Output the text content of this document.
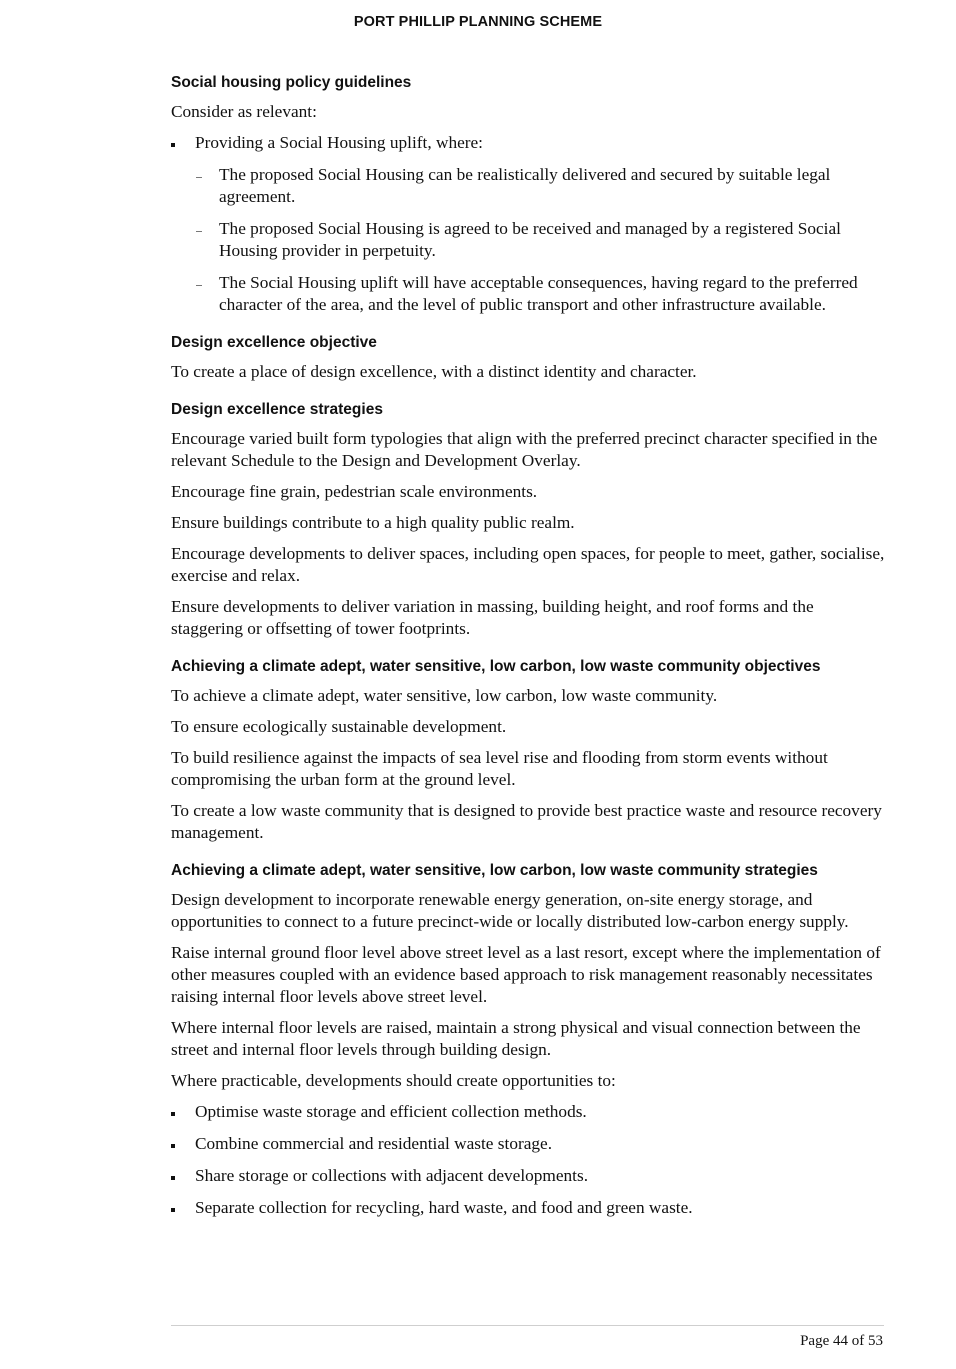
PORT PHILLIP PLANNING SCHEME
Social housing policy guidelines

Consider as relevant:

Providing a Social Housing uplift, where:
The proposed Social Housing can be realistically delivered and secured by suitable legal agreement.
The proposed Social Housing is agreed to be received and managed by a registered Social Housing provider in perpetuity.
The Social Housing uplift will have acceptable consequences, having regard to the preferred character of the area, and the level of public transport and other infrastructure available.
Design excellence objective

To create a place of design excellence, with a distinct identity and character.

Design excellence strategies

Encourage varied built form typologies that align with the preferred precinct character specified in the relevant Schedule to the Design and Development Overlay.

Encourage fine grain, pedestrian scale environments.

Ensure buildings contribute to a high quality public realm.

Encourage developments to deliver spaces, including open spaces, for people to meet, gather, socialise, exercise and relax.

Ensure developments to deliver variation in massing, building height, and roof forms and the staggering or offsetting of tower footprints.

Achieving a climate adept, water sensitive, low carbon, low waste community objectives

To achieve a climate adept, water sensitive, low carbon, low waste community.

To ensure ecologically sustainable development.

To build resilience against the impacts of sea level rise and flooding from storm events without compromising the urban form at the ground level.

To create a low waste community that is designed to provide best practice waste and resource recovery management.

Achieving a climate adept, water sensitive, low carbon, low waste community strategies

Design development to incorporate renewable energy generation, on-site energy storage, and opportunities to connect to a future precinct-wide or locally distributed low-carbon energy supply.

Raise internal ground floor level above street level as a last resort, except where the implementation of other measures coupled with an evidence based approach to risk management reasonably necessitates raising internal floor levels above street level.

Where internal floor levels are raised, maintain a strong physical and visual connection between the street and internal floor levels through building design.

Where practicable, developments should create opportunities to:

Optimise waste storage and efficient collection methods.
Combine commercial and residential waste storage.
Share storage or collections with adjacent developments.
Separate collection for recycling, hard waste, and food and green waste.
Page 44 of 53
